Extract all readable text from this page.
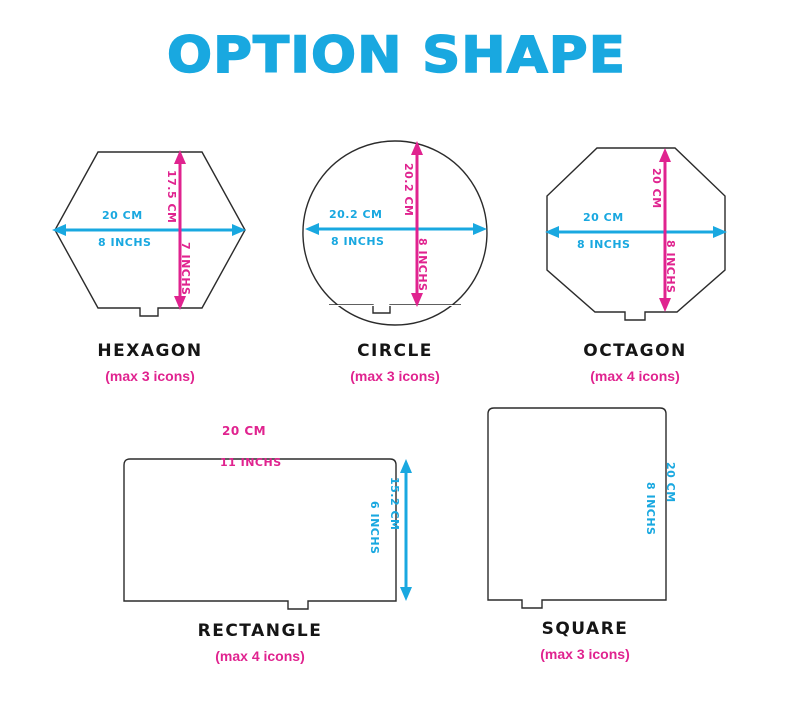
OPTION SHAPE
20 CM
8 INCHS
17.5 CM
7 INCHS
HEXAGON
(max 3 icons)
20.2 CM
8 INCHS
20.2 CM
8 INCHS
CIRCLE
(max 3 icons)
20 CM
8 INCHS
20 CM
8 INCHS
OCTAGON
(max 4 icons)
20 CM
11 INCHS
15.2 CM
6 INCHS
RECTANGLE
(max 4 icons)
20 CM
8 INCHS
SQUARE
(max 3 icons)
